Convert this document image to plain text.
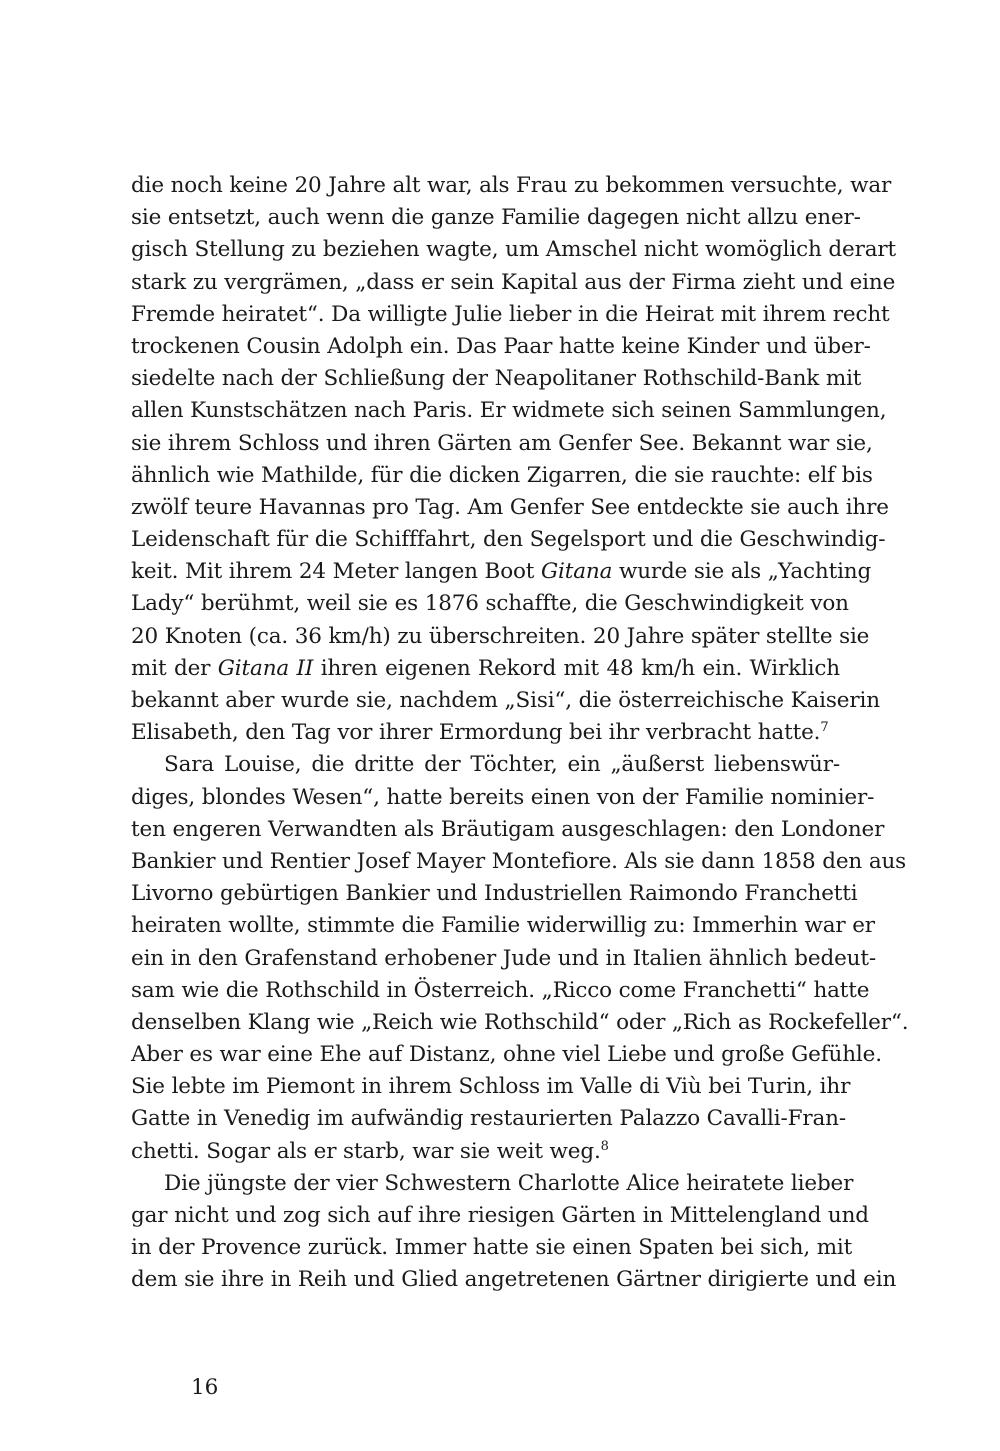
die noch keine 20 Jahre alt war, als Frau zu bekommen versuchte, war
sie entsetzt, auch wenn die ganze Familie dagegen nicht allzu ener-
gisch Stellung zu beziehen wagte, um Amschel nicht womöglich derart
stark zu vergrämen, „dass er sein Kapital aus der Firma zieht und eine
Fremde heiratet“. Da willigte Julie lieber in die Heirat mit ihrem recht
trockenen Cousin Adolph ein. Das Paar hatte keine Kinder und über-
siedelte nach der Schließung der Neapolitaner Rothschild-Bank mit
allen Kunstschätzen nach Paris. Er widmete sich seinen Sammlungen,
sie ihrem Schloss und ihren Gärten am Genfer See. Bekannt war sie,
ähnlich wie Mathilde, für die dicken Zigarren, die sie rauchte: elf bis
zwölf teure Havannas pro Tag. Am Genfer See entdeckte sie auch ihre
Leidenschaft für die Schifffahrt, den Segelsport und die Geschwindig-
keit. Mit ihrem 24 Meter langen Boot Gitana wurde sie als „Yachting
Lady“ berühmt, weil sie es 1876 schaffte, die Geschwindigkeit von
20 Knoten (ca. 36 km/h) zu überschreiten. 20 Jahre später stellte sie
mit der Gitana II ihren eigenen Rekord mit 48 km/h ein. Wirklich
bekannt aber wurde sie, nachdem „Sisi“, die österreichische Kaiserin
Elisabeth, den Tag vor ihrer Ermordung bei ihr verbracht hatte.$^7$
Sara Louise, die dritte der Töchter, ein „äußerst liebenswür-
diges, blondes Wesen“, hatte bereits einen von der Familie nominier-
ten engeren Verwandten als Bräutigam ausgeschlagen: den Londoner
Bankier und Rentier Josef Mayer Montefiore. Als sie dann 1858 den aus
Livorno gebürtigen Bankier und Industriellen Raimondo Franchetti
heiraten wollte, stimmte die Familie widerwillig zu: Immerhin war er
ein in den Grafenstand erhobener Jude und in Italien ähnlich bedeut-
sam wie die Rothschild in Österreich. „Ricco come Franchetti“ hatte
denselben Klang wie „Reich wie Rothschild“ oder „Rich as Rockefeller“.
Aber es war eine Ehe auf Distanz, ohne viel Liebe und große Gefühle.
Sie lebte im Piemont in ihrem Schloss im Valle di Viù bei Turin, ihr
Gatte in Venedig im aufwändig restaurierten Palazzo Cavalli-Fran-
chetti. Sogar als er starb, war sie weit weg.$^8$
Die jüngste der vier Schwestern Charlotte Alice heiratete lieber
gar nicht und zog sich auf ihre riesigen Gärten in Mittelengland und
in der Provence zurück. Immer hatte sie einen Spaten bei sich, mit
dem sie ihre in Reih und Glied angetretenen Gärtner dirigierte und ein
16
